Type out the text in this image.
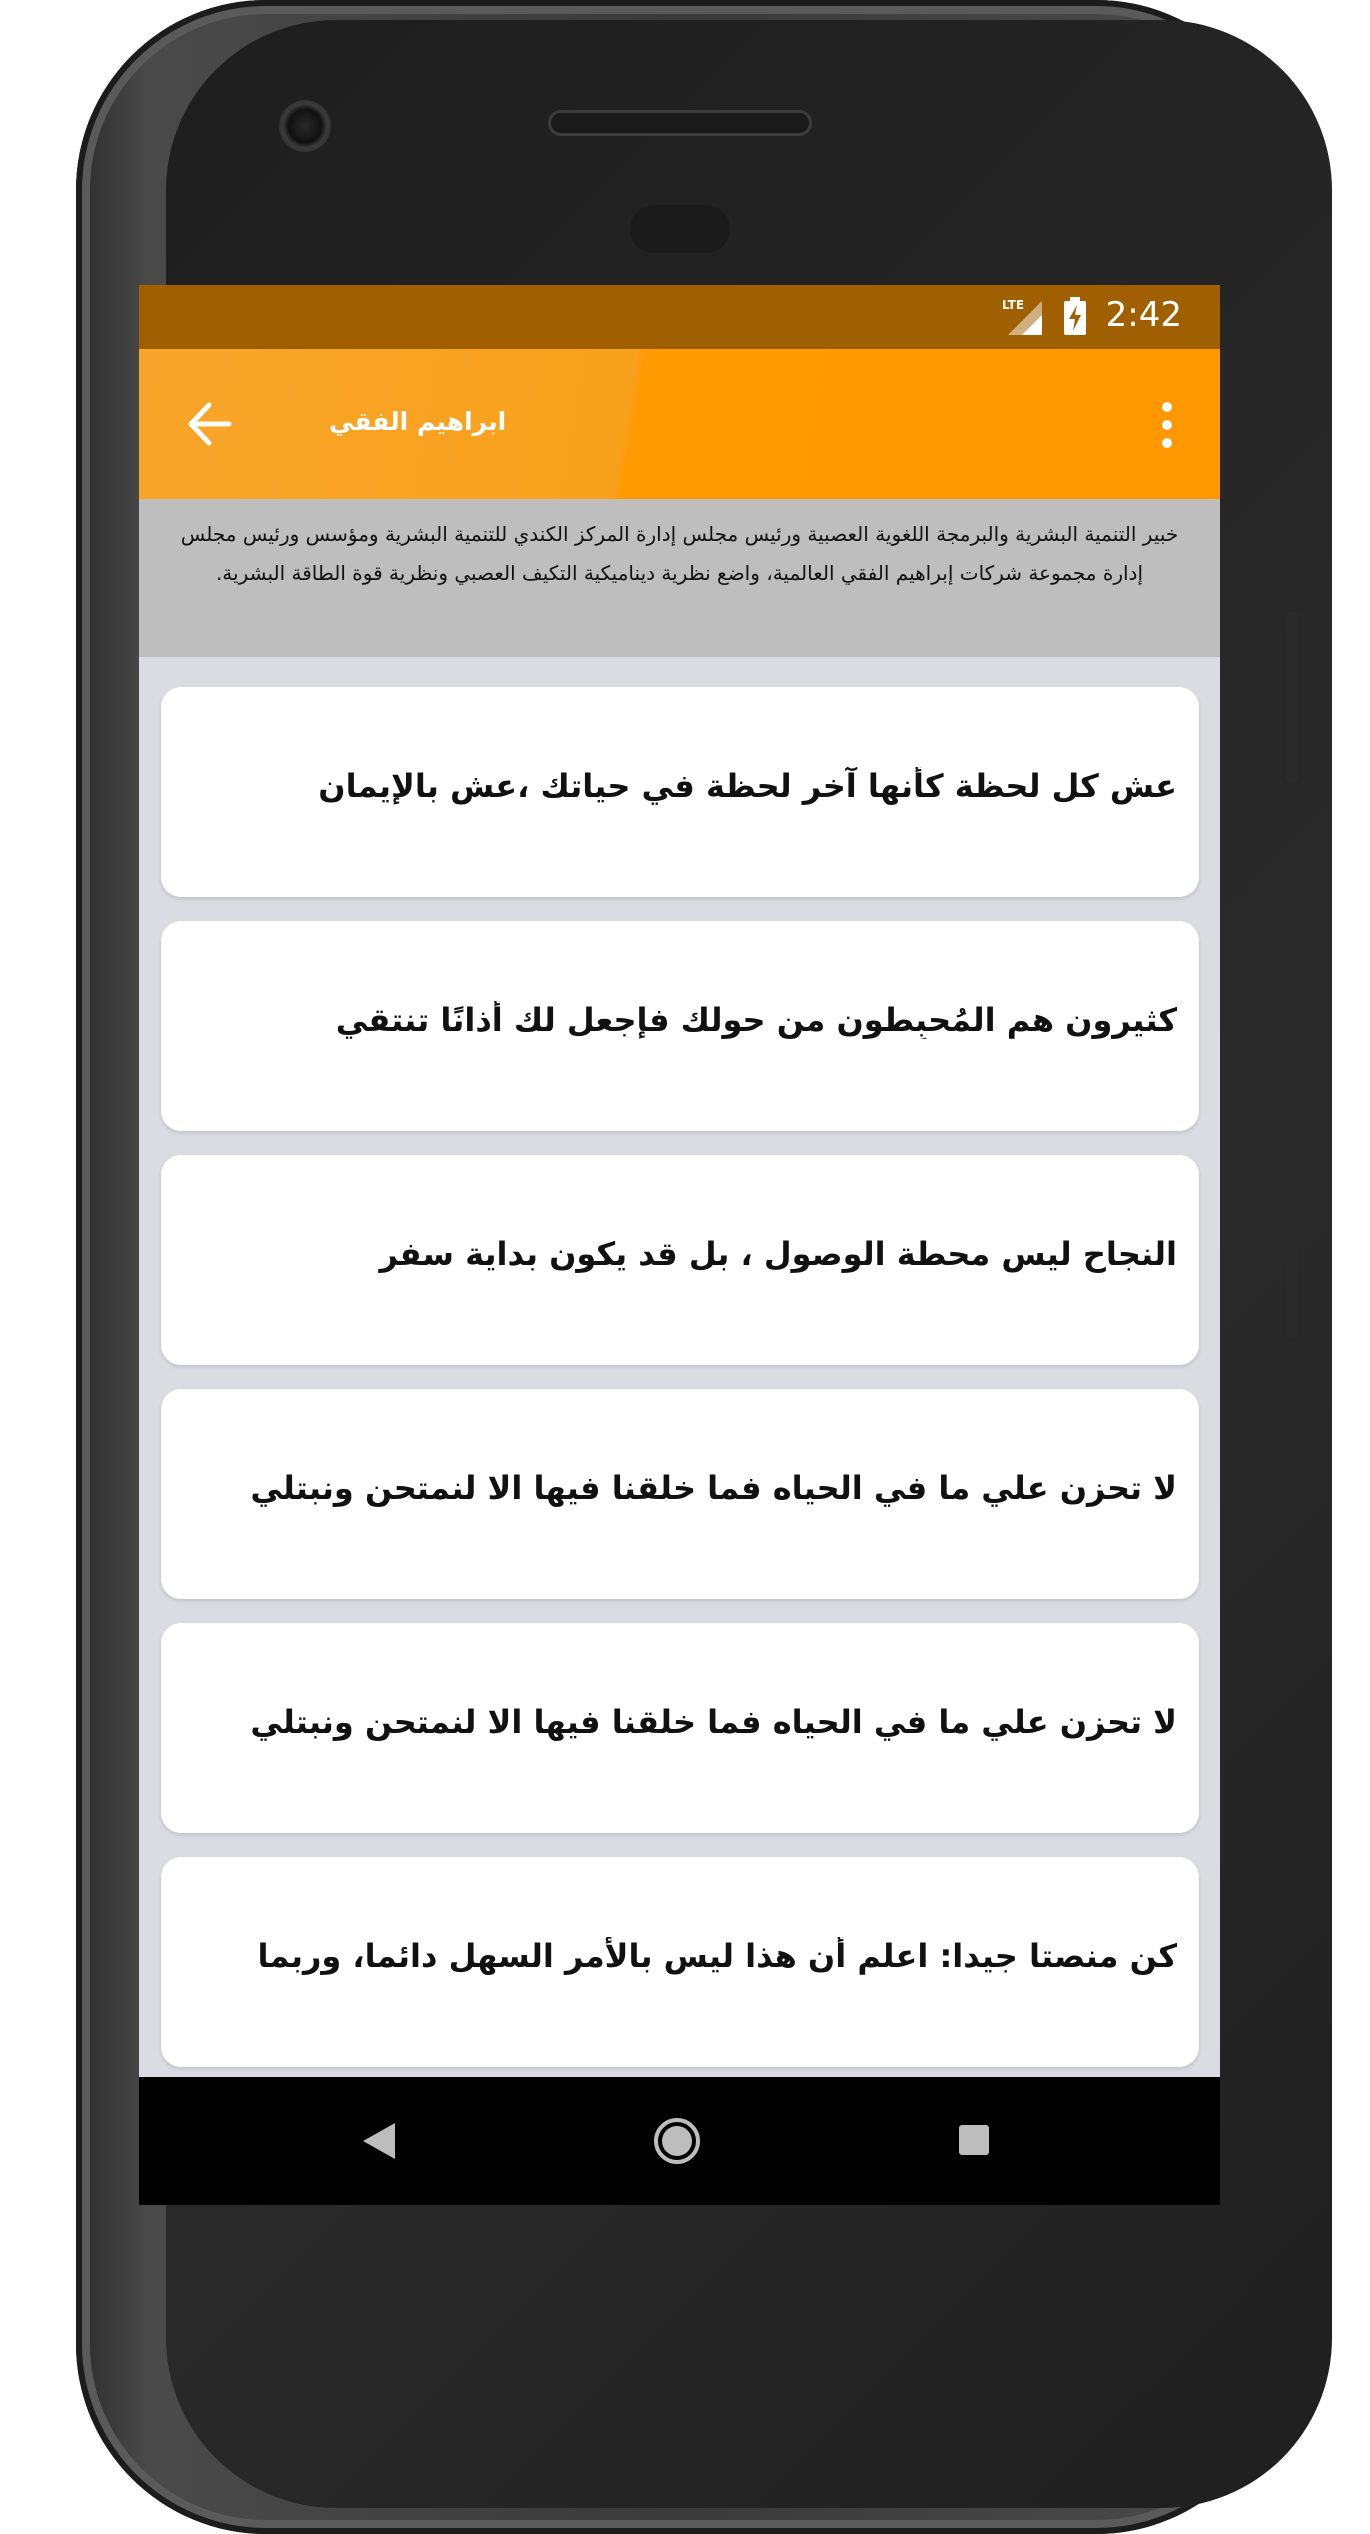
LTE 2:42
ابراهيم الفقي
خبير التنمية البشرية والبرمجة اللغوية العصبية ورئيس مجلس إدارة المركز الكندي للتنمية البشرية ومؤسس ورئيس مجلس إدارة مجموعة شركات إبراهيم الفقي العالمية، واضع نظرية ديناميكية التكيف العصبي ونظرية قوة الطاقة البشرية.
عش كل لحظة كأنها آخر لحظة في حياتك ،عش بالإيمان
كثيرون هم المُحبِطون من حولك فإجعل لك أذانًا تنتقي
النجاح ليس محطة الوصول ، بل قد يكون بداية سفر
لا تحزن علي ما في الحياه فما خلقنا فيها الا لنمتحن ونبتلي
لا تحزن علي ما في الحياه فما خلقنا فيها الا لنمتحن ونبتلي
كن منصتا جيدا: اعلم أن هذا ليس بالأمر السهل دائما، وربما
